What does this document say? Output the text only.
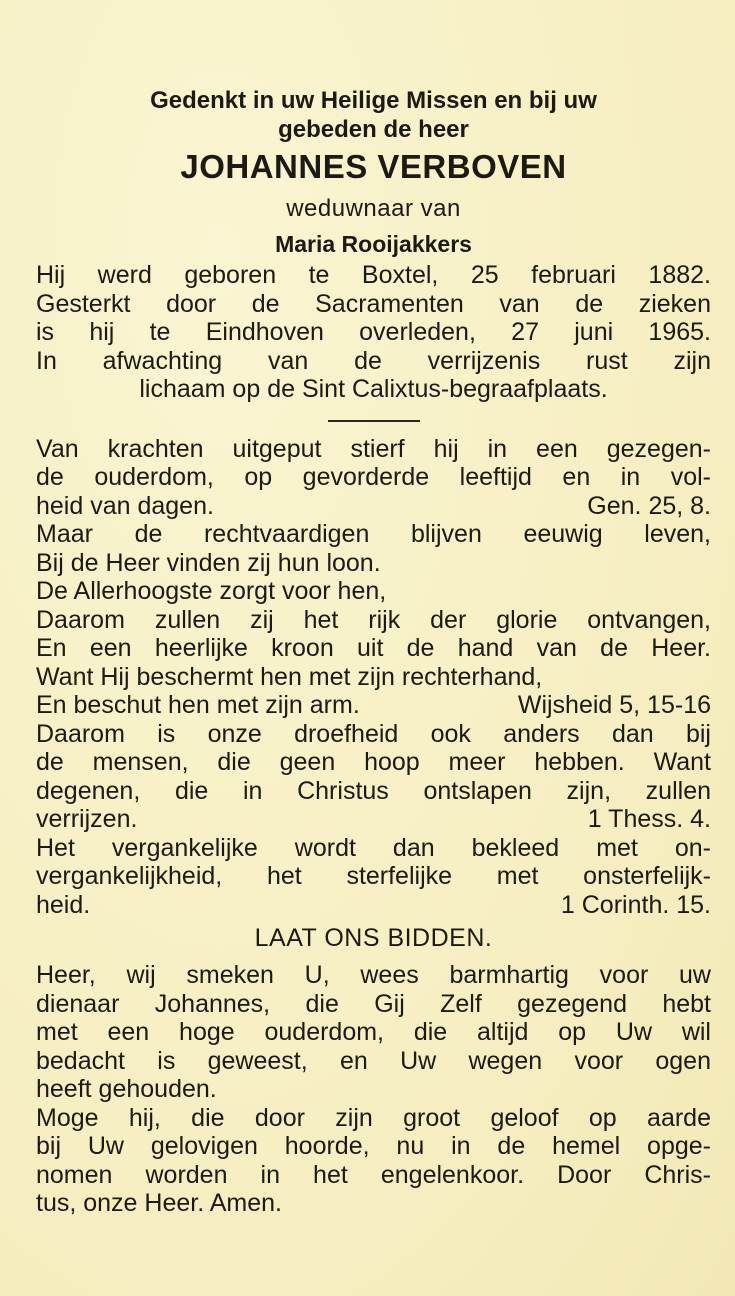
Gedenkt in uw Heilige Missen en bij uw
gebeden de heer
JOHANNES VERBOVEN
weduwnaar van
Maria Rooijakkers
Hij werd geboren te Boxtel, 25 februari 1882.
Gesterkt door de Sacramenten van de zieken
is hij te Eindhoven overleden, 27 juni 1965.
In afwachting van de verrijzenis rust zijn
lichaam op de Sint Calixtus-begraafplaats.
Van krachten uitgeput stierf hij in een gezegen-
de ouderdom, op gevorderde leeftijd en in vol-
heid van dagen.	Gen. 25, 8.
Maar de rechtvaardigen blijven eeuwig leven,
Bij de Heer vinden zij hun loon.
De Allerhoogste zorgt voor hen,
Daarom zullen zij het rijk der glorie ontvangen,
En een heerlijke kroon uit de hand van de Heer.
Want Hij beschermt hen met zijn rechterhand,
En beschut hen met zijn arm.	Wijsheid 5, 15-16
Daarom is onze droefheid ook anders dan bij
de mensen, die geen hoop meer hebben. Want
degenen, die in Christus ontslapen zijn, zullen
verrijzen.	1 Thess. 4.
Het vergankelijke wordt dan bekleed met on-
vergankelijkheid, het sterfelijke met onsterfelijk-
heid.	1 Corinth. 15.
LAAT ONS BIDDEN.
Heer, wij smeken U, wees barmhartig voor uw
dienaar Johannes, die Gij Zelf gezegend hebt
met een hoge ouderdom, die altijd op Uw wil
bedacht is geweest, en Uw wegen voor ogen
heeft gehouden.
Moge hij, die door zijn groot geloof op aarde
bij Uw gelovigen hoorde, nu in de hemel opge-
nomen worden in het engelenkoor. Door Chris-
tus, onze Heer. Amen.
